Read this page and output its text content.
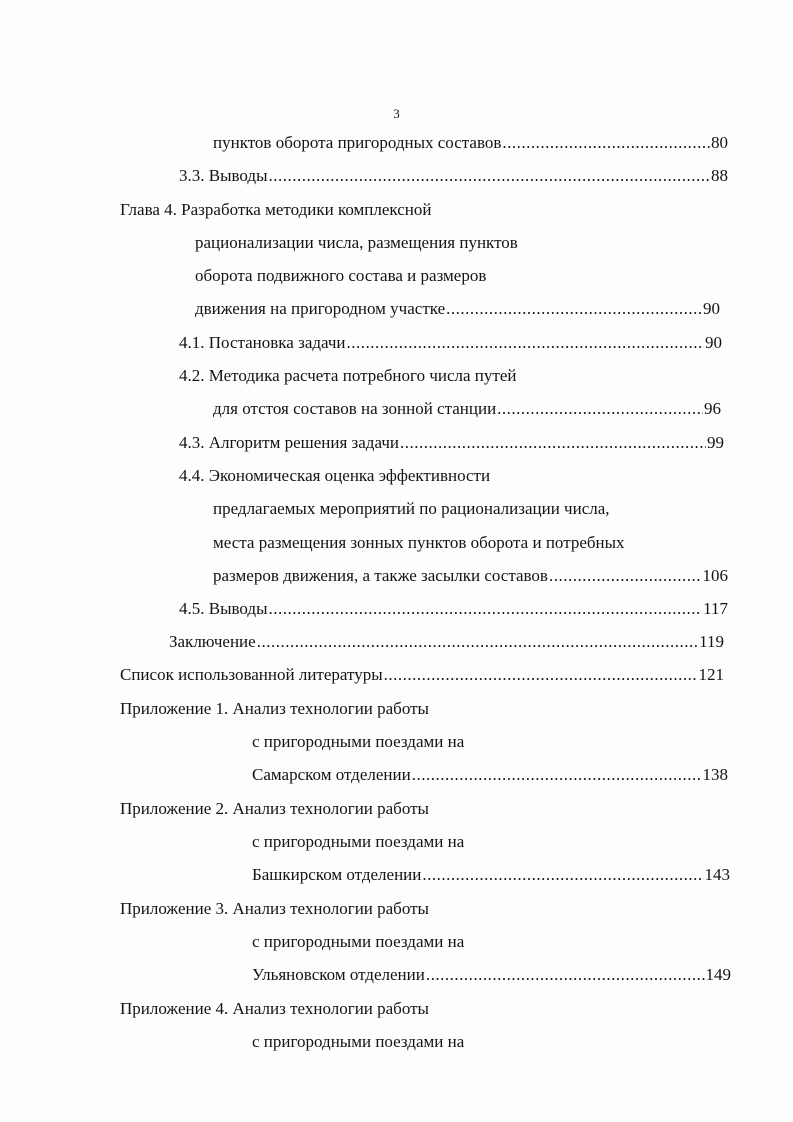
3
пунктов оборота пригородных составов .....	80
3.3. Выводы .....	88
Глава 4. Разработка методики комплексной
рационализации числа, размещения пунктов
оборота подвижного состава и размеров
движения на пригородном участке .....	90
4.1. Постановка задачи .....	90
4.2. Методика расчета потребного числа путей
для отстоя составов на зонной станции .....	96
4.3. Алгоритм решения задачи .....	99
4.4. Экономическая оценка эффективности
предлагаемых мероприятий по рационализации числа,
места размещения зонных пунктов оборота и потребных
размеров движения, а также засылки составов .....	106
4.5. Выводы .....	117
Заключение .....	119
Список использованной литературы .....	121
Приложение 1. Анализ технологии работы
с пригородными поездами на
Самарском отделении .....	138
Приложение 2. Анализ технологии работы
с пригородными поездами на
Башкирском отделении .....	143
Приложение 3. Анализ технологии работы
с пригородными поездами на
Ульяновском отделении .....	149
Приложение 4. Анализ технологии работы
с пригородными поездами на
